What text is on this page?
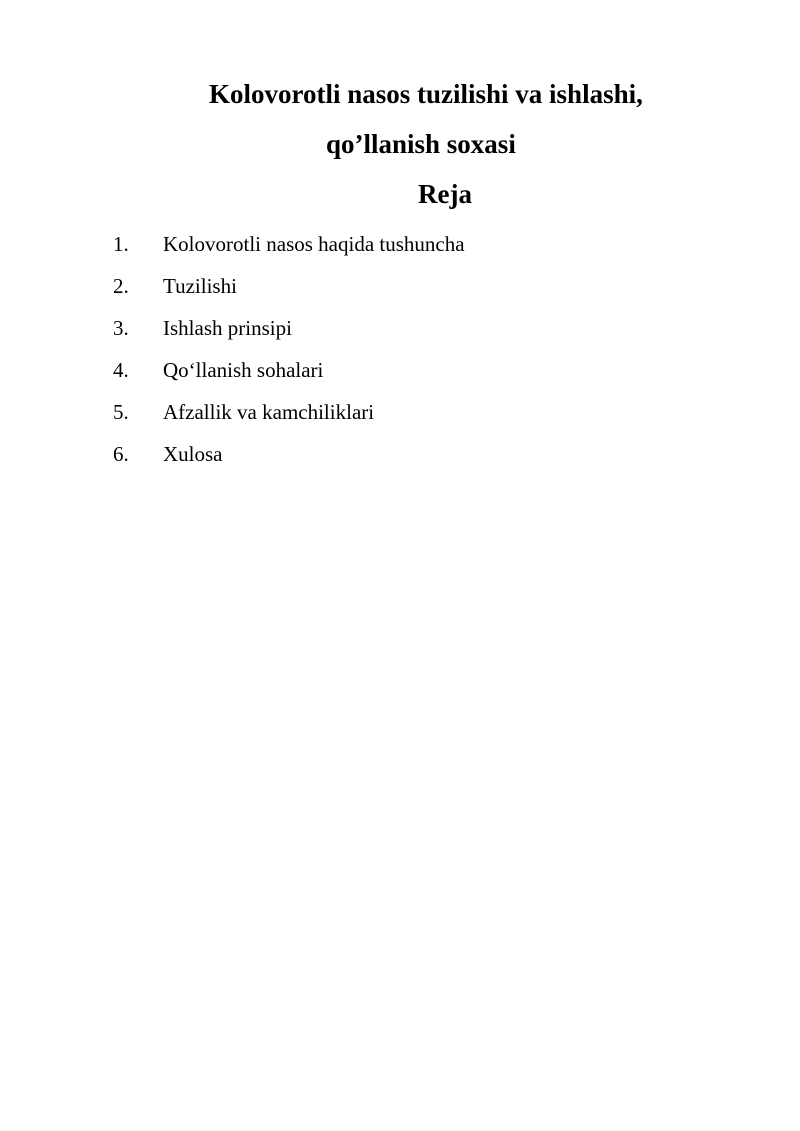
Kolovorotli nasos tuzilishi va ishlashi,
qo’llanish soxasi
Reja
1.	Kolovorotli nasos haqida tushuncha
2.	Tuzilishi
3.	Ishlash prinsipi
4.	Qo‘llanish sohalari
5.	Afzallik va kamchiliklari
6.	Xulosa
